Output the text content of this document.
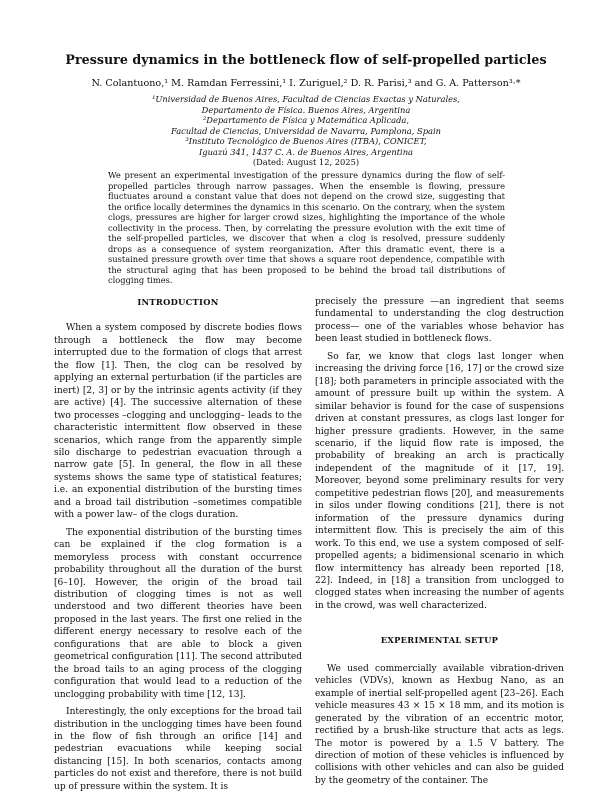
Pressure dynamics in the bottleneck flow of self-propelled particles
N. Colantuono,¹ M. Ramdan Ferressini,¹ I. Zuriguel,² D. R. Parisi,³ and G. A. Patterson³·*
¹Universidad de Buenos Aires, Facultad de Ciencias Exactas y Naturales,
Departamento de Física. Buenos Aires, Argentina
²Departamento de Física y Matemática Aplicada,
Facultad de Ciencias, Universidad de Navarra, Pamplona, Spain
³Instituto Tecnológico de Buenos Aires (ITBA), CONICET,
Iguazú 341, 1437 C. A. de Buenos Aires, Argentina
(Dated: August 12, 2025)
We present an experimental investigation of the pressure dynamics during the flow of self-propelled particles through narrow passages. When the ensemble is flowing, pressure fluctuates around a constant value that does not depend on the crowd size, suggesting that the orifice locally determines the dynamics in this scenario. On the contrary, when the system clogs, pressures are higher for larger crowd sizes, highlighting the importance of the whole collectivity in the process. Then, by correlating the pressure evolution with the exit time of the self-propelled particles, we discover that when a clog is resolved, pressure suddenly drops as a consequence of system reorganization. After this dramatic event, there is a sustained pressure growth over time that shows a square root dependence, compatible with the structural aging that has been proposed to be behind the broad tail distributions of clogging times.
INTRODUCTION

When a system composed by discrete bodies flows through a bottleneck the flow may become interrupted due to the formation of clogs that arrest the flow [1]. Then, the clog can be resolved by applying an external perturbation (if the particles are inert) [2, 3] or by the intrinsic agents activity (if they are active) [4]. The successive alternation of these two processes –clogging and unclogging– leads to the characteristic intermittent flow observed in these scenarios, which range from the apparently simple silo discharge to pedestrian evacuation through a narrow gate [5]. In general, the flow in all these systems shows the same type of statistical features; i.e. an exponential distribution of the bursting times and a broad tail distribution –sometimes compatible with a power law– of the clogs duration.

The exponential distribution of the bursting times can be explained if the clog formation is a memoryless process with constant occurrence probability throughout all the duration of the burst [6–10]. However, the origin of the broad tail distribution of clogging times is not as well understood and two different theories have been proposed in the last years. The first one relied in the different energy necessary to resolve each of the configurations that are able to block a given geometrical configuration [11]. The second attributed the broad tails to an aging process of the clogging configuration that would lead to a reduction of the unclogging probability with time [12, 13].

Interestingly, the only exceptions for the broad tail distribution in the unclogging times have been found in the flow of fish through an orifice [14] and pedestrian evacuations while keeping social distancing [15]. In both scenarios, contacts among particles do not exist and therefore, there is not build up of pressure within the system. It is

precisely the pressure —an ingredient that seems fundamental to understanding the clog destruction process— one of the variables whose behavior has been least studied in bottleneck flows.

So far, we know that clogs last longer when increasing the driving force [16, 17] or the crowd size [18]; both parameters in principle associated with the amount of pressure built up within the system. A similar behavior is found for the case of suspensions driven at constant pressures, as clogs last longer for higher pressure gradients. However, in the same scenario, if the liquid flow rate is imposed, the probability of breaking an arch is practically independent of the magnitude of it [17, 19]. Moreover, beyond some preliminary results for very competitive pedestrian flows [20], and measurements in silos under flowing conditions [21], there is not information of the pressure dynamics during intermittent flow. This is precisely the aim of this work. To this end, we use a system composed of self-propelled agents; a bidimensional scenario in which flow intermittency has already been reported [18, 22]. Indeed, in [18] a transition from unclogged to clogged states when increasing the number of agents in the crowd, was well characterized.

EXPERIMENTAL SETUP

We used commercially available vibration-driven vehicles (VDVs), known as Hexbug Nano, as an example of inertial self-propelled agent [23–26]. Each vehicle measures 43 × 15 × 18 mm, and its motion is generated by the vibration of an eccentric motor, rectified by a brush-like structure that acts as legs. The motor is powered by a 1.5 V battery. The direction of motion of these vehicles is influenced by collisions with other vehicles and can also be guided by the geometry of the container. The
